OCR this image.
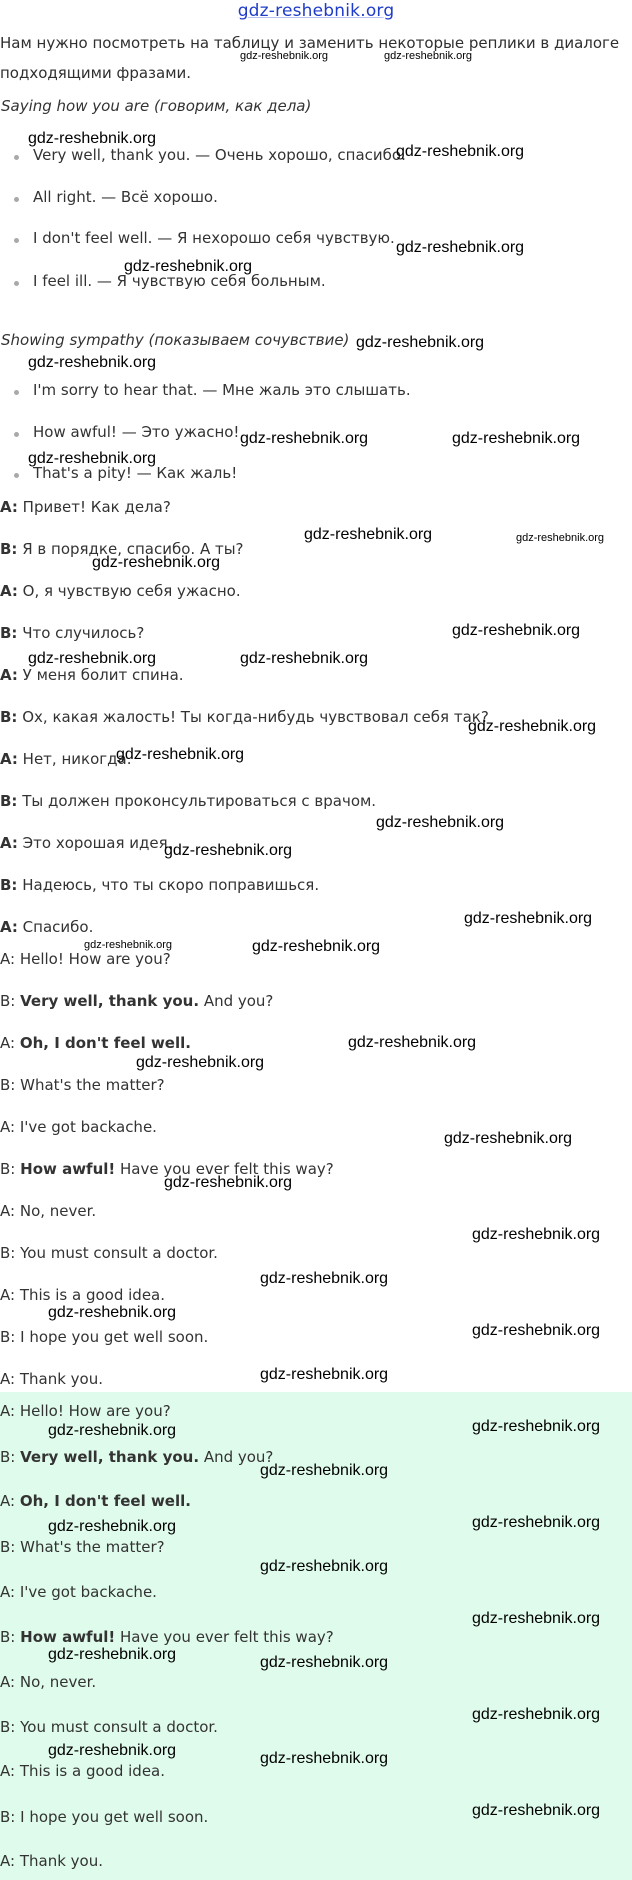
gdz-reshebnik.org
Нам нужно посмотреть на таблицу и заменить некоторые реплики в диалоге подходящими фразами.
Saying how you are (говорим, как дела)
Very well, thank you. — Очень хорошо, спасибо.
All right. — Всё хорошо.
I don't feel well. — Я нехорошо себя чувствую.
I feel ill. — Я чувствую себя больным.
Showing sympathy (показываем сочувствие)
I'm sorry to hear that. — Мне жаль это слышать.
How awful! — Это ужасно!
That's a pity! — Как жаль!
A: Привет! Как дела?
B: Я в порядке, спасибо. А ты?
A: О, я чувствую себя ужасно.
B: Что случилось?
A: У меня болит спина.
B: Ох, какая жалость! Ты когда-нибудь чувствовал себя так?
A: Нет, никогда.
B: Ты должен проконсультироваться с врачом.
A: Это хорошая идея.
B: Надеюсь, что ты скоро поправишься.
A: Спасибо.
A: Hello! How are you?
B: Very well, thank you. And you?
A: Oh, I don't feel well.
B: What's the matter?
A: I've got backache.
B: How awful! Have you ever felt this way?
A: No, never.
B: You must consult a doctor.
A: This is a good idea.
B: I hope you get well soon.
A: Thank you.
A: Hello! How are you?
B: Very well, thank you. And you?
A: Oh, I don't feel well.
B: What's the matter?
A: I've got backache.
B: How awful! Have you ever felt this way?
A: No, never.
B: You must consult a doctor.
A: This is a good idea.
B: I hope you get well soon.
A: Thank you.
gdz-reshebnik.org	gdz-reshebnik.org
gdz-reshebnik.org
gdz-reshebnik.org
gdz-reshebnik.org
gdz-reshebnik.org
gdz-reshebnik.org
gdz-reshebnik.org
gdz-reshebnik.org	gdz-reshebnik.org
gdz-reshebnik.org
gdz-reshebnik.org	gdz-reshebnik.org
gdz-reshebnik.org
gdz-reshebnik.org
gdz-reshebnik.org	gdz-reshebnik.org
gdz-reshebnik.org
gdz-reshebnik.org
gdz-reshebnik.org
gdz-reshebnik.org
gdz-reshebnik.org
gdz-reshebnik.org	gdz-reshebnik.org
gdz-reshebnik.org
gdz-reshebnik.org
gdz-reshebnik.org
gdz-reshebnik.org
gdz-reshebnik.org
gdz-reshebnik.org
gdz-reshebnik.org
gdz-reshebnik.org
gdz-reshebnik.org
gdz-reshebnik.org	gdz-reshebnik.org
gdz-reshebnik.org
gdz-reshebnik.org	gdz-reshebnik.org
gdz-reshebnik.org
gdz-reshebnik.org
gdz-reshebnik.org	gdz-reshebnik.org
gdz-reshebnik.org
gdz-reshebnik.org	gdz-reshebnik.org
gdz-reshebnik.org
